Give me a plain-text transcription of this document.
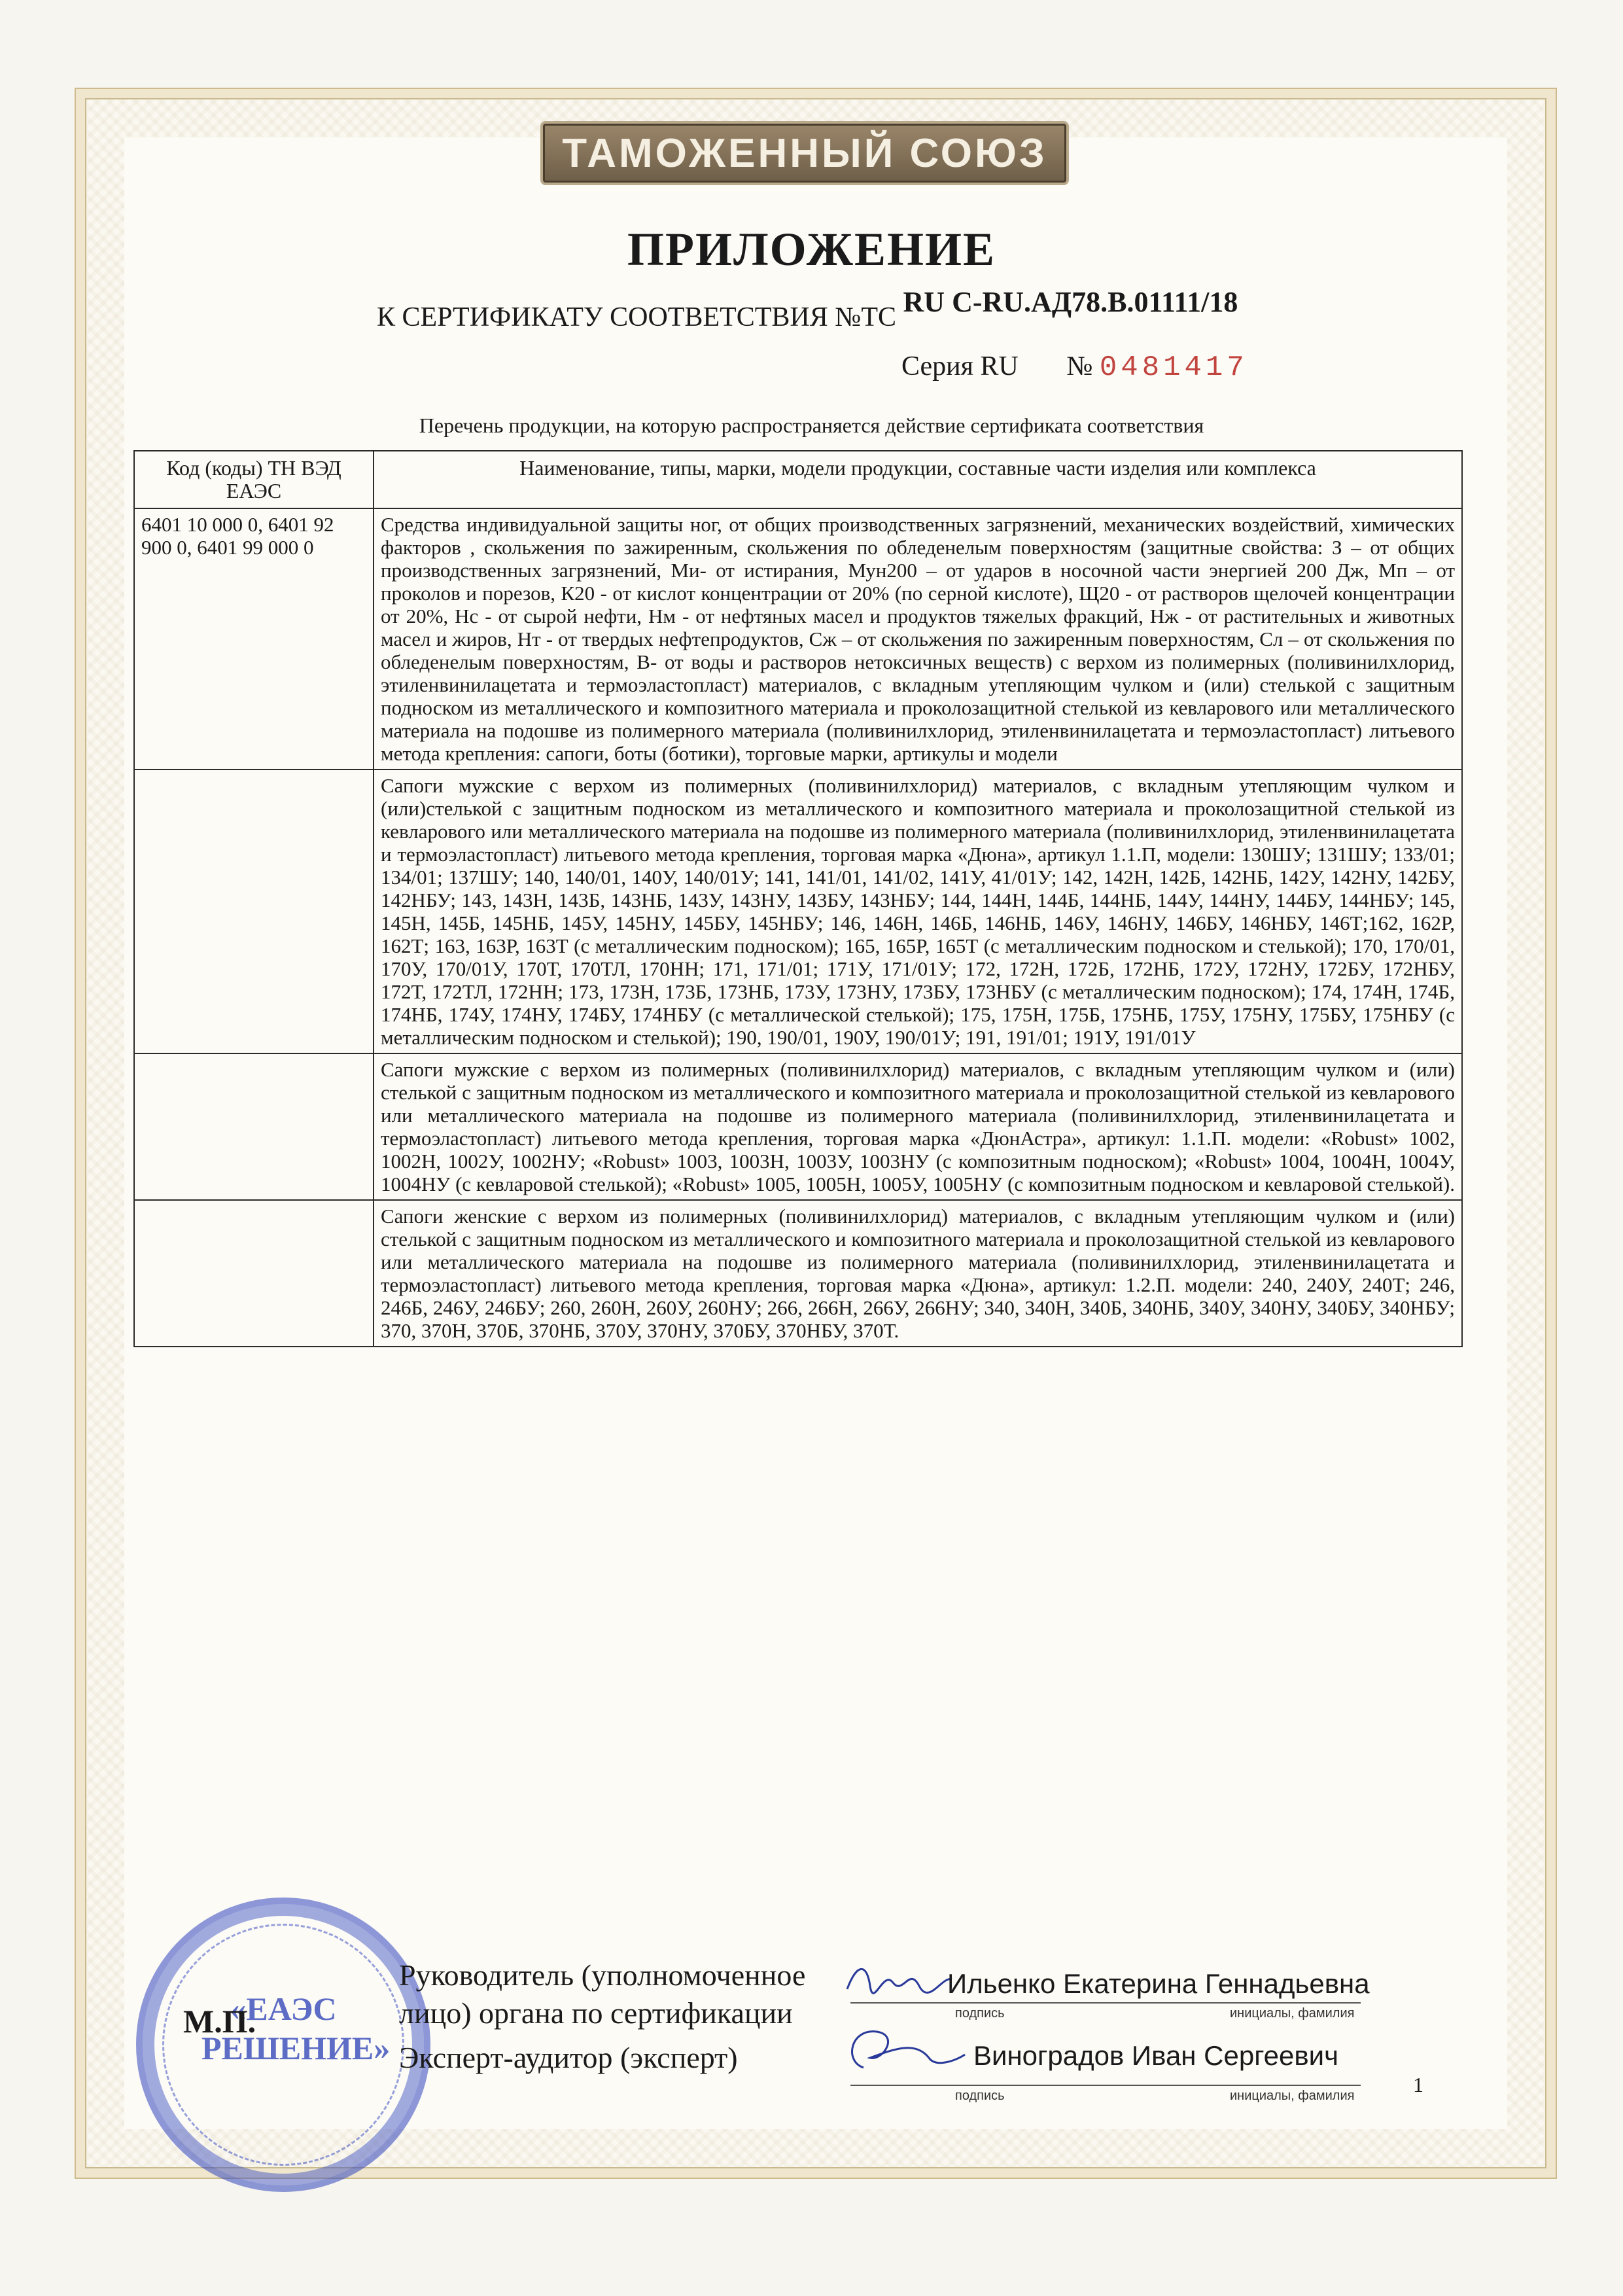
ТАМОЖЕННЫЙ СОЮЗ
ПРИЛОЖЕНИЕ
К СЕРТИФИКАТУ СООТВЕТСТВИЯ №ТС RU C-RU.АД78.В.01111/18
Серия RU № 0481417
Перечень продукции, на которую распространяется действие сертификата соответствия
Код (коды) ТН ВЭД ЕАЭС	Наименование, типы, марки, модели продукции, составные части изделия или комплекса
6401 10 000 0, 6401 92 900 0, 6401 99 000 0	Средства индивидуальной защиты ног, от общих производственных загрязнений, механических воздействий, химических факторов , скольжения по зажиренным, скольжения по обледенелым поверхностям (защитные свойства: З – от общих производственных загрязнений, Ми- от истирания, Мун200 – от ударов в носочной части энергией 200 Дж, Мп – от проколов и порезов, К20 - от кислот концентрации от 20% (по серной кислоте), Щ20 - от растворов щелочей концентрации от 20%, Нс - от сырой нефти, Нм - от нефтяных масел и продуктов тяжелых фракций, Нж - от растительных и животных масел и жиров, Нт - от твердых нефтепродуктов, Сж – от скольжения по зажиренным поверхностям, Сл – от скольжения по обледенелым поверхностям, В- от воды и растворов нетоксичных веществ) с верхом из полимерных (поливинилхлорид, этиленвинилацетата и термоэластопласт) материалов, с вкладным утепляющим чулком и (или) стелькой с защитным подноском из металлического и композитного материала и проколозащитной стелькой из кевларового или металлического материала на подошве из полимерного материала (поливинилхлорид, этиленвинилацетата и термоэластопласт) литьевого метода крепления: сапоги, боты (ботики), торговые марки, артикулы и модели
	Сапоги мужские с верхом из полимерных (поливинилхлорид) материалов, с вкладным утепляющим чулком и (или)стелькой с защитным подноском из металлического и композитного материала и проколозащитной стелькой из кевларового или металлического материала на подошве из полимерного материала (поливинилхлорид, этиленвинилацетата и термоэластопласт) литьевого метода крепления, торговая марка «Дюна», артикул 1.1.П, модели: 130ШУ; 131ШУ; 133/01; 134/01; 137ШУ; 140, 140/01, 140У, 140/01У; 141, 141/01, 141/02, 141У, 41/01У; 142, 142Н, 142Б, 142НБ, 142У, 142НУ, 142БУ, 142НБУ; 143, 143Н, 143Б, 143НБ, 143У, 143НУ, 143БУ, 143НБУ; 144, 144Н, 144Б, 144НБ, 144У, 144НУ, 144БУ, 144НБУ; 145, 145Н, 145Б, 145НБ, 145У, 145НУ, 145БУ, 145НБУ; 146, 146Н, 146Б, 146НБ, 146У, 146НУ, 146БУ, 146НБУ, 146Т;162, 162Р, 162Т; 163, 163Р, 163Т (с металлическим подноском); 165, 165Р, 165Т (с металлическим подноском и стелькой); 170, 170/01, 170У, 170/01У, 170Т, 170ТЛ, 170НН; 171, 171/01; 171У, 171/01У; 172, 172Н, 172Б, 172НБ, 172У, 172НУ, 172БУ, 172НБУ, 172Т, 172ТЛ, 172НН; 173, 173Н, 173Б, 173НБ, 173У, 173НУ, 173БУ, 173НБУ (с металлическим подноском); 174, 174Н, 174Б, 174НБ, 174У, 174НУ, 174БУ, 174НБУ (с металлической стелькой); 175, 175Н, 175Б, 175НБ, 175У, 175НУ, 175БУ, 175НБУ (с металлическим подноском и стелькой); 190, 190/01, 190У, 190/01У; 191, 191/01; 191У, 191/01У
	Сапоги мужские с верхом из полимерных (поливинилхлорид) материалов, с вкладным утепляющим чулком и (или) стелькой с защитным подноском из металлического и композитного материала и проколозащитной стелькой из кевларового или металлического материала на подошве из полимерного материала (поливинилхлорид, этиленвинилацетата и термоэластопласт) литьевого метода крепления, торговая марка «ДюнАстра», артикул: 1.1.П. модели: «Robust» 1002, 1002Н, 1002У, 1002НУ; «Robust» 1003, 1003Н, 1003У, 1003НУ (с композитным подноском); «Robust» 1004, 1004Н, 1004У, 1004НУ (с кевларовой стелькой); «Robust» 1005, 1005Н, 1005У, 1005НУ (с композитным подноском и кевларовой стелькой).
	Сапоги женские с верхом из полимерных (поливинилхлорид) материалов, с вкладным утепляющим чулком и (или) стелькой с защитным подноском из металлического и композитного материала и проколозащитной стелькой из кевларового или металлического материала на подошве из полимерного материала (поливинилхлорид, этиленвинилацетата и термоэластопласт) литьевого метода крепления, торговая марка «Дюна», артикул: 1.2.П. модели: 240, 240У, 240Т; 246, 246Б, 246У, 246БУ; 260, 260Н, 260У, 260НУ; 266, 266Н, 266У, 266НУ; 340, 340Н, 340Б, 340НБ, 340У, 340НУ, 340БУ, 340НБУ; 370, 370Н, 370Б, 370НБ, 370У, 370НУ, 370БУ, 370НБУ, 370Т.
«ЕАЭС РЕШЕНИЕ»
М.П.
Руководитель (уполномоченное лицо) органа по сертификации
Эксперт-аудитор (эксперт)
Ильенко Екатерина Геннадьевна
подпись	инициалы, фамилия
Виноградов Иван Сергеевич
подпись	инициалы, фамилия	1
